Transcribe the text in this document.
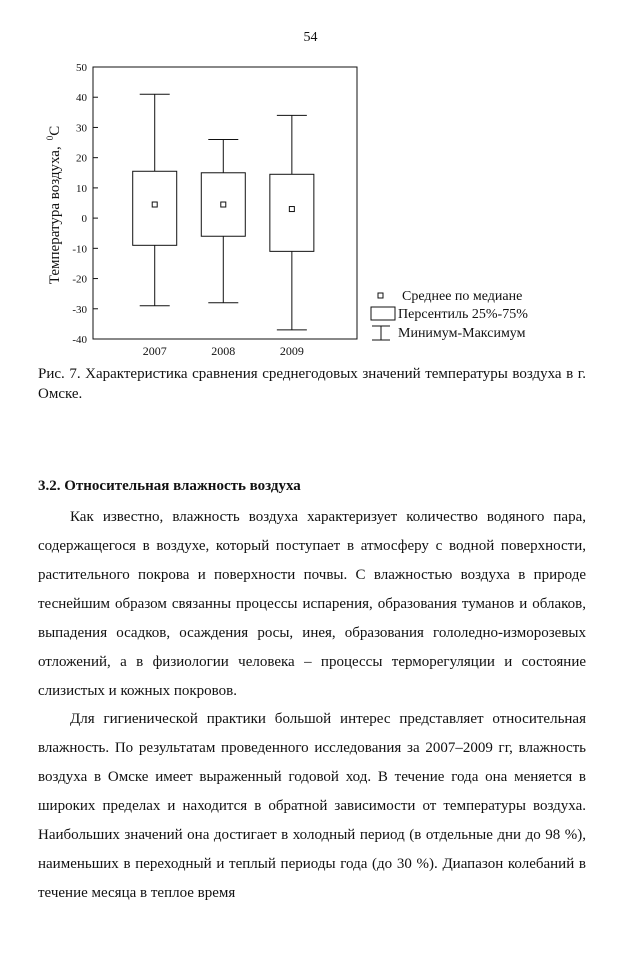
54
50
40
30
20
10
0
-10
-20
-30
-40
2007	2008	2009
Температура воздуха,$^0$С
Среднее по медиане
Персентиль 25%-75%
Минимум-Максимум
Рис. 7. Характеристика сравнения среднегодовых значений температуры воздуха в г. Омске.
3.2. Относительная влажность воздуха

Как известно, влажность воздуха характеризует количество водяного пара, содержащегося в воздухе, который поступает в атмосферу с водной поверхности, растительного покрова и поверхности почвы. С влажностью воздуха в природе теснейшим образом связанны процессы испарения, образования туманов и облаков, выпадения осадков, осаждения росы, инея, образования гололедно-изморозевых отложений, а в физиологии человека – процессы терморегуляции и состояние слизистых и кожных покровов.

Для гигиенической практики большой интерес представляет относительная влажность. По результатам проведенного исследования за 2007–2009 гг, влажность воздуха в Омске имеет выраженный годовой ход. В течение года она меняется в широких пределах и находится в обратной зависимости от температуры воздуха. Наибольших значений она достигает в холодный период (в отдельные дни до 98 %), наименьших в переходный и теплый периоды года (до 30 %). Диапазон колебаний в течение месяца в теплое время
